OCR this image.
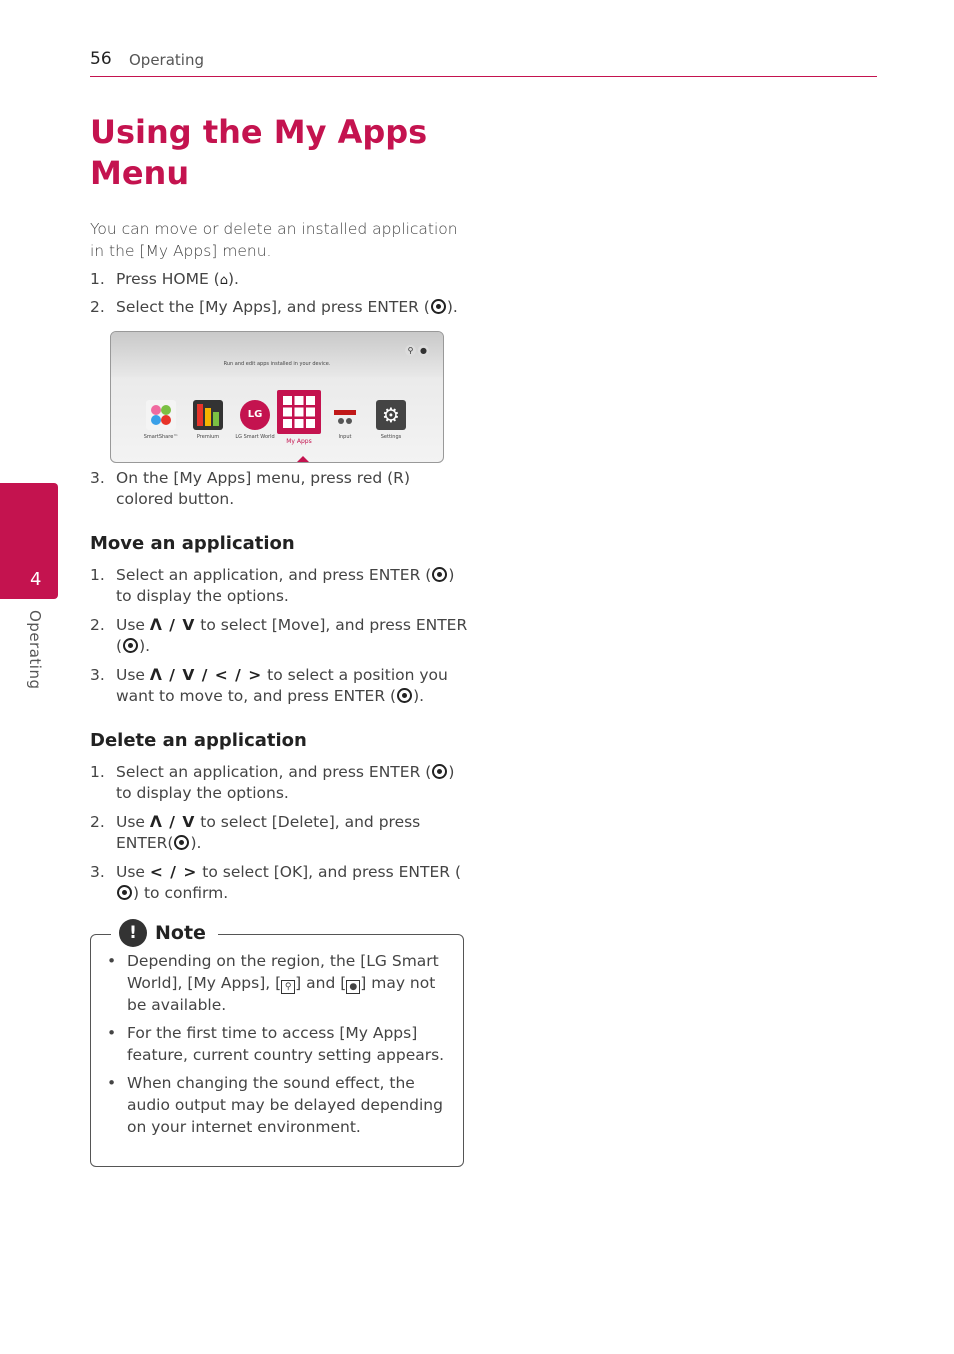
56 Operating
4
Operating
Using the My Apps Menu

You can move or delete an installed application in the [My Apps] menu.

1. Press HOME (⌂).
2. Select the [My Apps], and press ENTER ( ).
Run and edit apps installed in your device.
⚲ ●
SmartShare™	Premium
LG
LG Smart World
My Apps
Input
⚙
Settings
3. On the [My Apps] menu, press red (R) colored button.
Move an application
1. Select an application, and press ENTER ( ) to display the options.
2. Use Λ / V to select [Move], and press ENTER ( ).
3. Use Λ / V / < / > to select a position you want to move to, and press ENTER ( ).
Delete an application
1. Select an application, and press ENTER ( ) to display the options.
2. Use Λ / V to select [Delete], and press ENTER( ).
3. Use < / > to select [OK], and press ENTER () to confirm.
! Note
• Depending on the region, the [LG Smart World], [My Apps], [ ⚲ ] and [ ● ] may not be available.
• For the first time to access [My Apps] feature, current country setting appears.
• When changing the sound effect, the audio output may be delayed depending on your internet environment.
